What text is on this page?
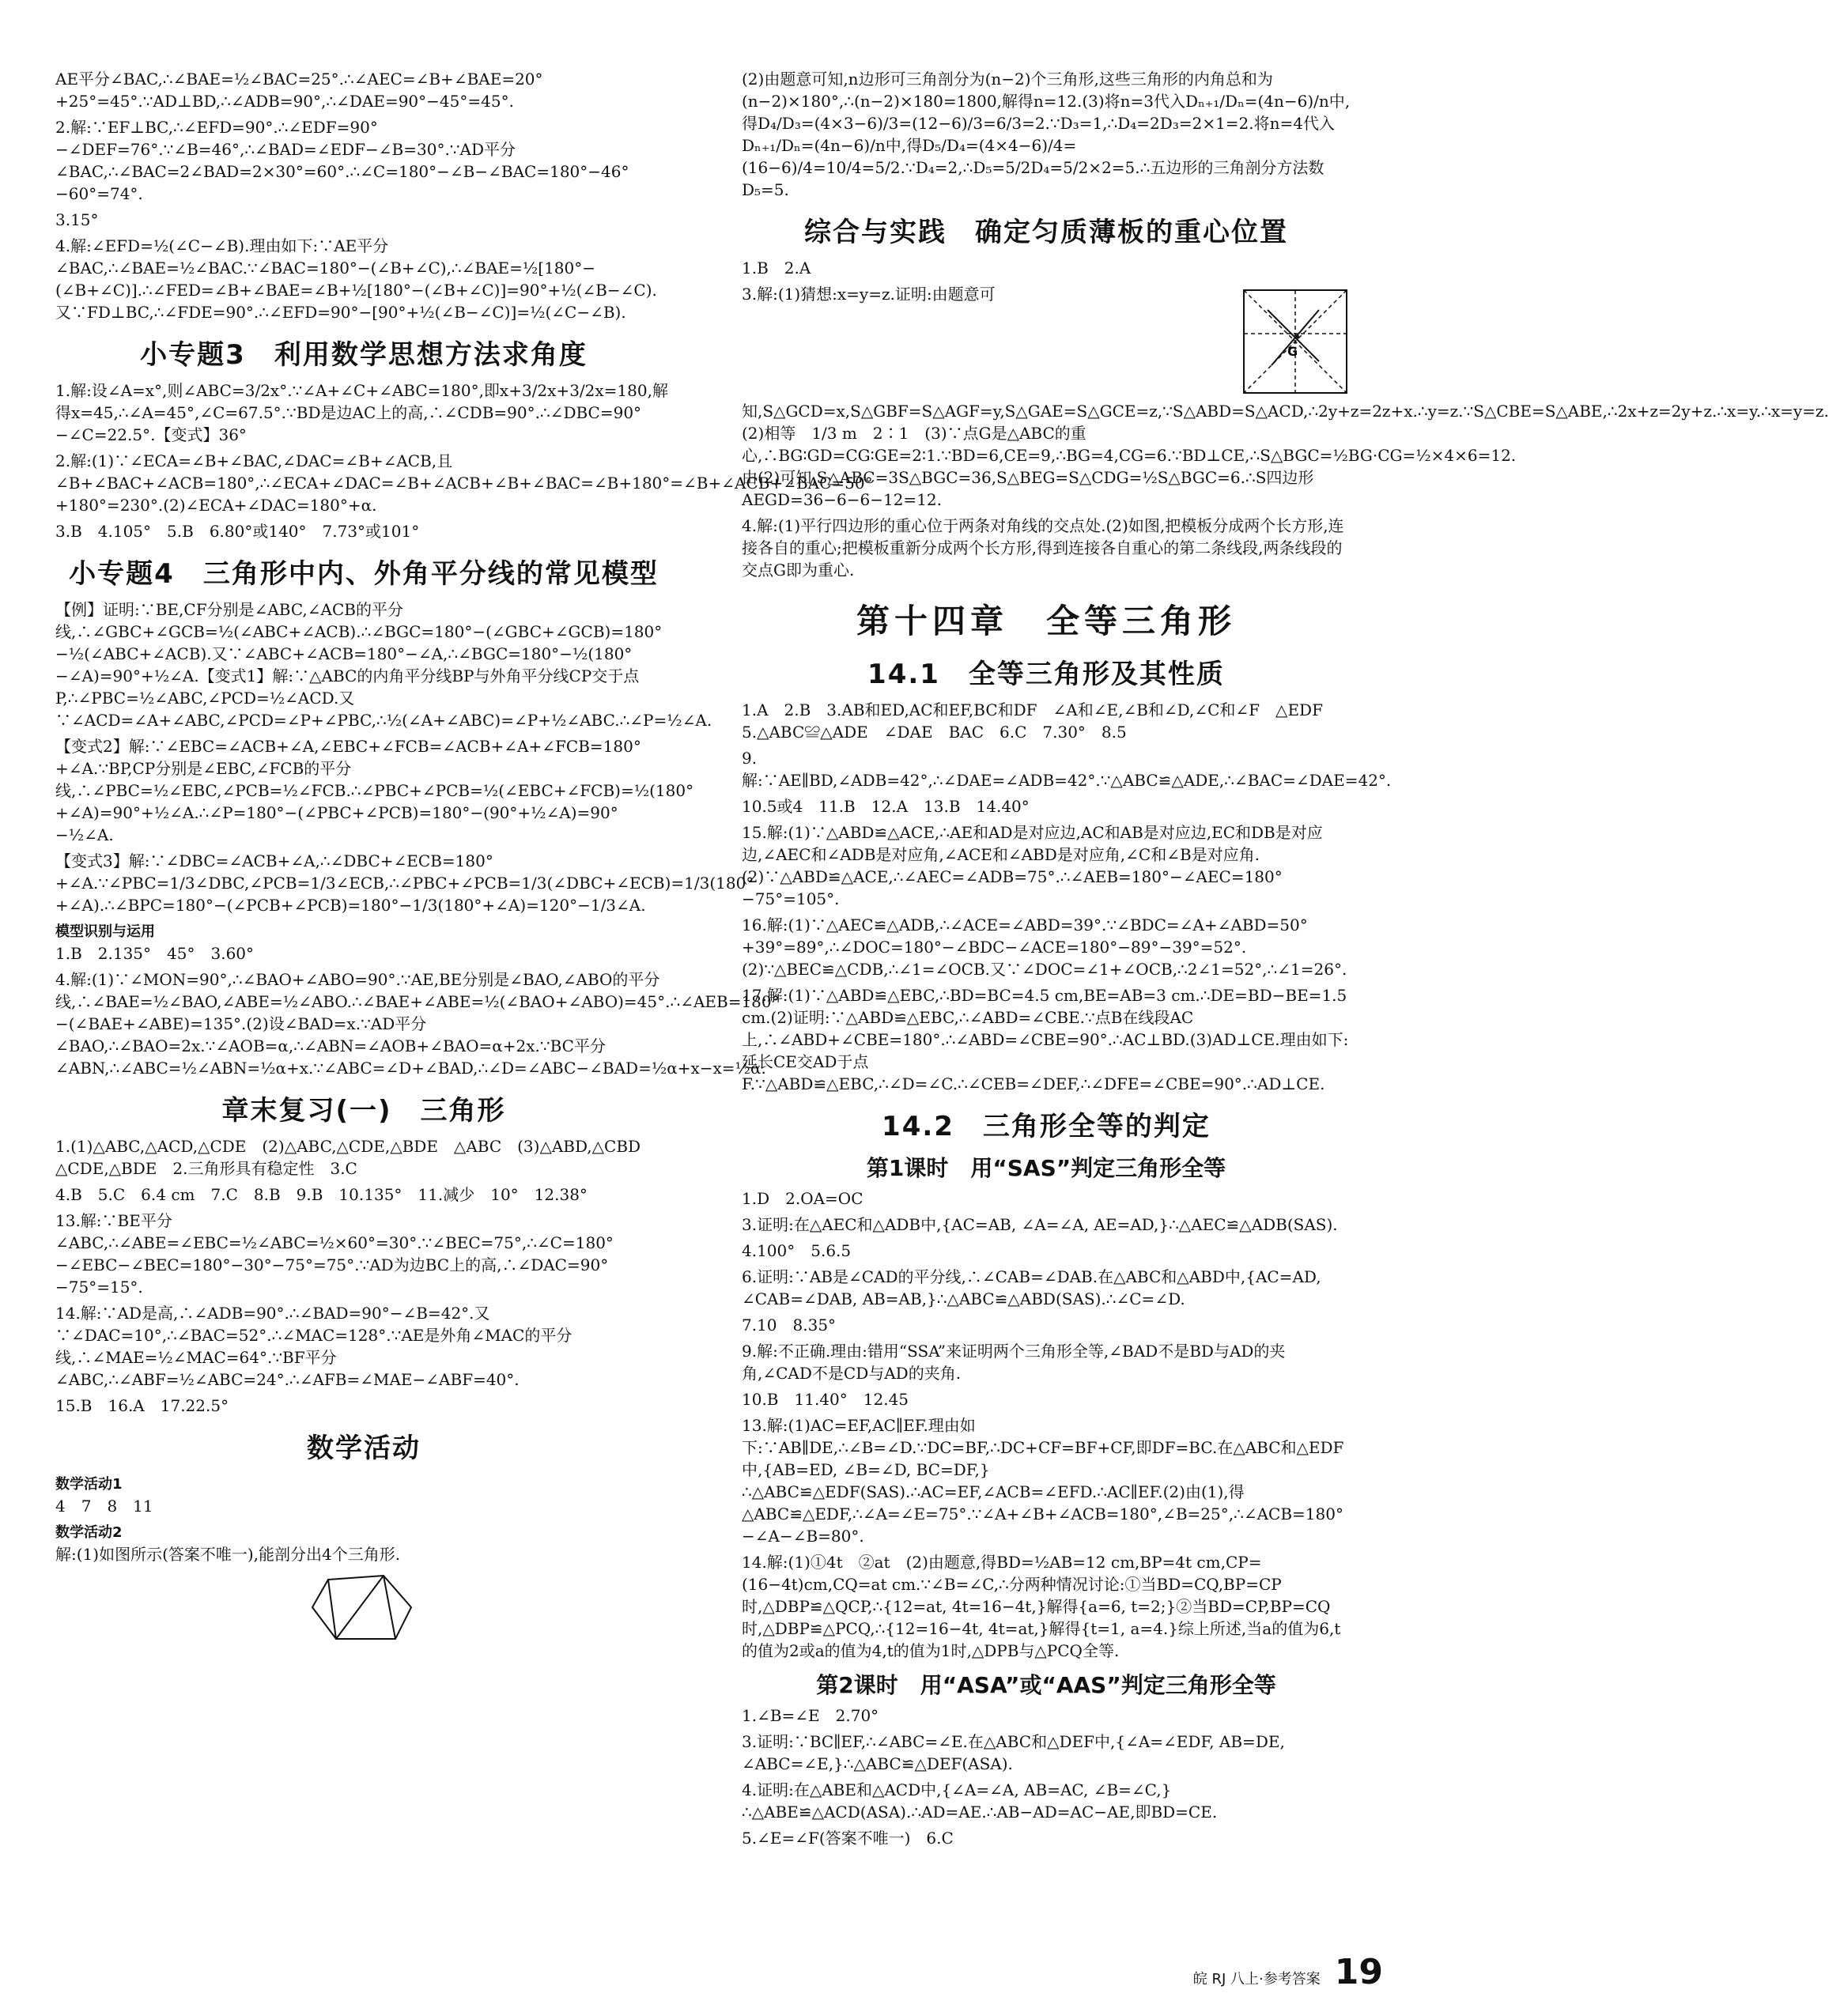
AE平分∠BAC,∴∠BAE=½∠BAC=25°.∴∠AEC=∠B+∠BAE=20°+25°=45°.∵AD⊥BD,∴∠ADB=90°,∴∠DAE=90°−45°=45°.

2.解:∵EF⊥BC,∴∠EFD=90°.∴∠EDF=90°−∠DEF=76°.∵∠B=46°,∴∠BAD=∠EDF−∠B=30°.∵AD平分∠BAC,∴∠BAC=2∠BAD=2×30°=60°.∴∠C=180°−∠B−∠BAC=180°−46°−60°=74°.

3.15°

4.解:∠EFD=½(∠C−∠B).理由如下:∵AE平分∠BAC,∴∠BAE=½∠BAC.∵∠BAC=180°−(∠B+∠C),∴∠BAE=½[180°−(∠B+∠C)].∴∠FED=∠B+∠BAE=∠B+½[180°−(∠B+∠C)]=90°+½(∠B−∠C).又∵FD⊥BC,∴∠FDE=90°.∴∠EFD=90°−[90°+½(∠B−∠C)]=½(∠C−∠B).

小专题3　利用数学思想方法求角度

1.解:设∠A=x°,则∠ABC=3/2x°.∵∠A+∠C+∠ABC=180°,即x+3/2x+3/2x=180,解得x=45,∴∠A=45°,∠C=67.5°.∵BD是边AC上的高,∴∠CDB=90°.∴∠DBC=90°−∠C=22.5°.【变式】36°

2.解:(1)∵∠ECA=∠B+∠BAC,∠DAC=∠B+∠ACB,且∠B+∠BAC+∠ACB=180°,∴∠ECA+∠DAC=∠B+∠ACB+∠B+∠BAC=∠B+180°=∠B+∠ACB+∠BAC=50°+180°=230°.(2)∠ECA+∠DAC=180°+α.

3.B　4.105°　5.B　6.80°或140°　7.73°或101°

小专题4　三角形中内、外角平分线的常见模型

【例】证明:∵BE,CF分别是∠ABC,∠ACB的平分线,∴∠GBC+∠GCB=½(∠ABC+∠ACB).∴∠BGC=180°−(∠GBC+∠GCB)=180°−½(∠ABC+∠ACB).又∵∠ABC+∠ACB=180°−∠A,∴∠BGC=180°−½(180°−∠A)=90°+½∠A.【变式1】解:∵△ABC的内角平分线BP与外角平分线CP交于点P,∴∠PBC=½∠ABC,∠PCD=½∠ACD.又∵∠ACD=∠A+∠ABC,∠PCD=∠P+∠PBC,∴½(∠A+∠ABC)=∠P+½∠ABC.∴∠P=½∠A.

【变式2】解:∵∠EBC=∠ACB+∠A,∠EBC+∠FCB=∠ACB+∠A+∠FCB=180°+∠A.∵BP,CP分别是∠EBC,∠FCB的平分线,∴∠PBC=½∠EBC,∠PCB=½∠FCB.∴∠PBC+∠PCB=½(∠EBC+∠FCB)=½(180°+∠A)=90°+½∠A.∴∠P=180°−(∠PBC+∠PCB)=180°−(90°+½∠A)=90°−½∠A.

【变式3】解:∵∠DBC=∠ACB+∠A,∴∠DBC+∠ECB=180°+∠A.∵∠PBC=1/3∠DBC,∠PCB=1/3∠ECB,∴∠PBC+∠PCB=1/3(∠DBC+∠ECB)=1/3(180°+∠A).∴∠BPC=180°−(∠PCB+∠PCB)=180°−1/3(180°+∠A)=120°−1/3∠A.

模型识别与运用

1.B　2.135°　45°　3.60°

4.解:(1)∵∠MON=90°,∴∠BAO+∠ABO=90°.∵AE,BE分别是∠BAO,∠ABO的平分线,∴∠BAE=½∠BAO,∠ABE=½∠ABO.∴∠BAE+∠ABE=½(∠BAO+∠ABO)=45°.∴∠AEB=180°−(∠BAE+∠ABE)=135°.(2)设∠BAD=x.∵AD平分∠BAO,∴∠BAO=2x.∵∠AOB=α,∴∠ABN=∠AOB+∠BAO=α+2x.∵BC平分∠ABN,∴∠ABC=½∠ABN=½α+x.∵∠ABC=∠D+∠BAD,∴∠D=∠ABC−∠BAD=½α+x−x=½α.

章末复习(一)　三角形

1.(1)△ABC,△ACD,△CDE　(2)△ABC,△CDE,△BDE　△ABC　(3)△ABD,△CBD　△CDE,△BDE　2.三角形具有稳定性　3.C

4.B　5.C　6.4 cm　7.C　8.B　9.B　10.135°　11.减少　10°　12.38°

13.解:∵BE平分∠ABC,∴∠ABE=∠EBC=½∠ABC=½×60°=30°.∵∠BEC=75°,∴∠C=180°−∠EBC−∠BEC=180°−30°−75°=75°.∵AD为边BC上的高,∴∠DAC=90°−75°=15°.

14.解:∵AD是高,∴∠ADB=90°.∴∠BAD=90°−∠B=42°.又∵∠DAC=10°,∴∠BAC=52°.∴∠MAC=128°.∵AE是外角∠MAC的平分线,∴∠MAE=½∠MAC=64°.∵BF平分∠ABC,∴∠ABF=½∠ABC=24°.∴∠AFB=∠MAE−∠ABF=40°.

15.B　16.A　17.22.5°

数学活动
数学活动1

4　7　8　11

数学活动2

解:(1)如图所示(答案不唯一),能剖分出4个三角形.

(2)由题意可知,n边形可三角剖分为(n−2)个三角形,这些三角形的内角总和为(n−2)×180°,∴(n−2)×180=1800,解得n=12.(3)将n=3代入Dₙ₊₁/Dₙ=(4n−6)/n中,得D₄/D₃=(4×3−6)/3=(12−6)/3=6/3=2.∵D₃=1,∴D₄=2D₃=2×1=2.将n=4代入Dₙ₊₁/Dₙ=(4n−6)/n中,得D₅/D₄=(4×4−6)/4=(16−6)/4=10/4=5/2.∵D₄=2,∴D₅=5/2D₄=5/2×2=5.∴五边形的三角剖分方法数D₅=5.

综合与实践　确定匀质薄板的重心位置

1.B　2.A

G

3.解:(1)猜想:x=y=z.证明:由题意可知,S△GCD=x,S△GBF=S△AGF=y,S△GAE=S△GCE=z,∵S△ABD=S△ACD,∴2y+z=2z+x.∴y=z.∵S△CBE=S△ABE,∴2x+z=2y+z.∴x=y.∴x=y=z.(2)相等　1/3 m　2∶1　(3)∵点G是△ABC的重心,∴BG∶GD=CG∶GE=2∶1.∵BD=6,CE=9,∴BG=4,CG=6.∵BD⊥CE,∴S△BGC=½BG·CG=½×4×6=12.由(2)可知,S△ABC=3S△BGC=36,S△BEG=S△CDG=½S△BGC=6.∴S四边形AEGD=36−6−6−12=12.

4.解:(1)平行四边形的重心位于两条对角线的交点处.(2)如图,把模板分成两个长方形,连接各自的重心;把模板重新分成两个长方形,得到连接各自重心的第二条线段,两条线段的交点G即为重心.

第十四章　全等三角形
14.1　全等三角形及其性质

1.A　2.B　3.AB和ED,AC和EF,BC和DF　∠A和∠E,∠B和∠D,∠C和∠F　△EDF　5.△ABC≌△ADE　∠DAE　BAC　6.C　7.30°　8.5

9.解:∵AE∥BD,∠ADB=42°,∴∠DAE=∠ADB=42°.∵△ABC≌△ADE,∴∠BAC=∠DAE=42°.

10.5或4　11.B　12.A　13.B　14.40°

15.解:(1)∵△ABD≌△ACE,∴AE和AD是对应边,AC和AB是对应边,EC和DB是对应边,∠AEC和∠ADB是对应角,∠ACE和∠ABD是对应角,∠C和∠B是对应角.(2)∵△ABD≌△ACE,∴∠AEC=∠ADB=75°.∴∠AEB=180°−∠AEC=180°−75°=105°.

16.解:(1)∵△AEC≌△ADB,∴∠ACE=∠ABD=39°.∵∠BDC=∠A+∠ABD=50°+39°=89°,∴∠DOC=180°−∠BDC−∠ACE=180°−89°−39°=52°.(2)∵△BEC≌△CDB,∴∠1=∠OCB.又∵∠DOC=∠1+∠OCB,∴2∠1=52°,∴∠1=26°.

17.解:(1)∵△ABD≌△EBC,∴BD=BC=4.5 cm,BE=AB=3 cm.∴DE=BD−BE=1.5 cm.(2)证明:∵△ABD≌△EBC,∴∠ABD=∠CBE.∵点B在线段AC上,∴∠ABD+∠CBE=180°.∴∠ABD=∠CBE=90°.∴AC⊥BD.(3)AD⊥CE.理由如下:延长CE交AD于点F.∵△ABD≌△EBC,∴∠D=∠C.∴∠CEB=∠DEF,∴∠DFE=∠CBE=90°.∴AD⊥CE.

14.2　三角形全等的判定
第1课时　用“SAS”判定三角形全等

1.D　2.OA=OC

3.证明:在△AEC和△ADB中,{AC=AB, ∠A=∠A, AE=AD,}∴△AEC≌△ADB(SAS).

4.100°　5.6.5

6.证明:∵AB是∠CAD的平分线,∴∠CAB=∠DAB.在△ABC和△ABD中,{AC=AD, ∠CAB=∠DAB, AB=AB,}∴△ABC≌△ABD(SAS).∴∠C=∠D.

7.10　8.35°

9.解:不正确.理由:错用“SSA”来证明两个三角形全等,∠BAD不是BD与AD的夹角,∠CAD不是CD与AD的夹角.

10.B　11.40°　12.45

13.解:(1)AC=EF,AC∥EF.理由如下:∵AB∥DE,∴∠B=∠D.∵DC=BF,∴DC+CF=BF+CF,即DF=BC.在△ABC和△EDF中,{AB=ED, ∠B=∠D, BC=DF,}∴△ABC≌△EDF(SAS).∴AC=EF,∠ACB=∠EFD.∴AC∥EF.(2)由(1),得△ABC≌△EDF,∴∠A=∠E=75°.∵∠A+∠B+∠ACB=180°,∠B=25°,∴∠ACB=180°−∠A−∠B=80°.

14.解:(1)①4t　②at　(2)由题意,得BD=½AB=12 cm,BP=4t cm,CP=(16−4t)cm,CQ=at cm.∵∠B=∠C,∴分两种情况讨论:①当BD=CQ,BP=CP时,△DBP≌△QCP,∴{12=at, 4t=16−4t,}解得{a=6, t=2;}②当BD=CP,BP=CQ时,△DBP≌△PCQ,∴{12=16−4t, 4t=at,}解得{t=1, a=4.}综上所述,当a的值为6,t的值为2或a的值为4,t的值为1时,△DPB与△PCQ全等.

第2课时　用“ASA”或“AAS”判定三角形全等

1.∠B=∠E　2.70°

3.证明:∵BC∥EF,∴∠ABC=∠E.在△ABC和△DEF中,{∠A=∠EDF, AB=DE, ∠ABC=∠E,}∴△ABC≌△DEF(ASA).

4.证明:在△ABE和△ACD中,{∠A=∠A, AB=AC, ∠B=∠C,}∴△ABE≌△ACD(ASA).∴AD=AE.∴AB−AD=AC−AE,即BD=CE.

5.∠E=∠F(答案不唯一)　6.C

皖 RJ 八上·参考答案 19
